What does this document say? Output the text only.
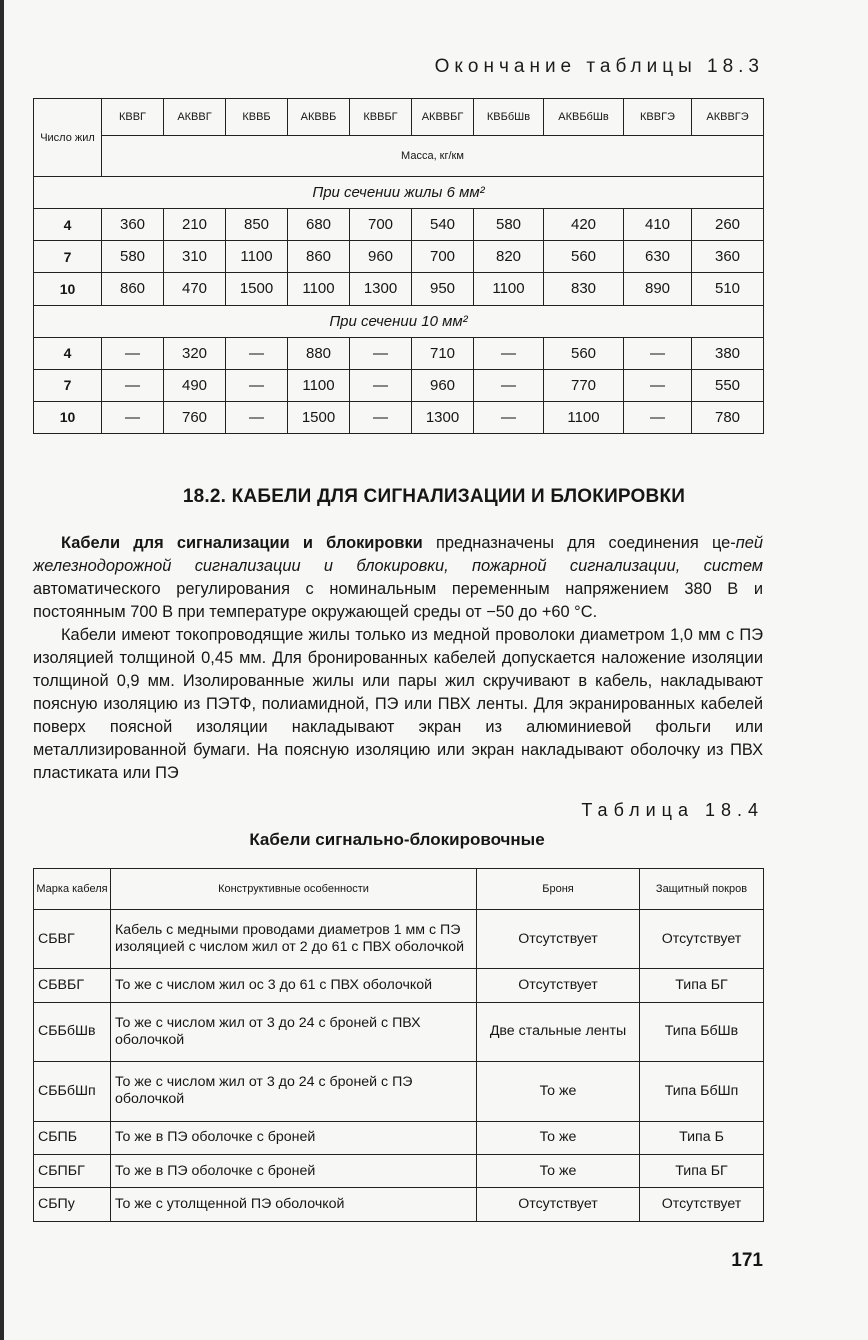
Окончание таблицы 18.3
Число жил	КВВГ	АКВВГ	КВВБ	АКВВБ	КВВБГ	АКВВБГ	КВБбШв	АКВБбШв	КВВГЭ	АКВВГЭ
	Масса, кг/км									
При сечении жилы 6 мм²										
4	360	210	850	680	700	540	580	420	410	260
7	580	310	1100	860	960	700	820	560	630	360
10	860	470	1500	1100	1300	950	1100	830	890	510
При сечении 10 мм²										
4	—	320	—	880	—	710	—	560	—	380
7	—	490	—	1100	—	960	—	770	—	550
10	—	760	—	1500	—	1300	—	1100	—	780
18.2. КАБЕЛИ ДЛЯ СИГНАЛИЗАЦИИ И БЛОКИРОВКИ

Кабели для сигнализации и блокировки предназначены для соединения це-пей железнодорожной сигнализации и блокировки, пожарной сигнализации, систем автоматического регулирования с номинальным переменным напряжением 380 В и постоянным 700 В при температуре окружающей среды от −50 до +60 °С.

Кабели имеют токопроводящие жилы только из медной проволоки диаметром 1,0 мм с ПЭ изоляцией толщиной 0,45 мм. Для бронированных кабелей допускается наложение изоляции толщиной 0,9 мм. Изолированные жилы или пары жил скручивают в кабель, накладывают поясную изоляцию из ПЭТФ, полиамидной, ПЭ или ПВХ ленты. Для экранированных кабелей поверх поясной изоляции накладывают экран из алюминиевой фольги или металлизированной бумаги. На поясную изоляцию или экран накладывают оболочку из ПВХ пластиката или ПЭ

Таблица 18.4
Кабели сигнально-блокировочные
Марка кабеля	Конструктивные особенности	Броня	Защитный покров
СБВГ	Кабель с медными проводами диаметров 1 мм с ПЭ изоляцией с числом жил от 2 до 61 с ПВХ оболочкой	Отсутствует	Отсутствует
СБВБГ	То же с числом жил ос 3 до 61 с ПВХ оболочкой	Отсутствует	Типа БГ
СББбШв	То же с числом жил от 3 до 24 с броней с ПВХ оболочкой	Две стальные ленты	Типа БбШв
СББбШп	То же с числом жил от 3 до 24 с броней с ПЭ оболочкой	То же	Типа БбШп
СБПБ	То же в ПЭ оболочке с броней	То же	Типа Б
СБПБГ	То же в ПЭ оболочке с броней	То же	Типа БГ
СБПу	То же с утолщенной ПЭ оболочкой	Отсутствует	Отсутствует
171
